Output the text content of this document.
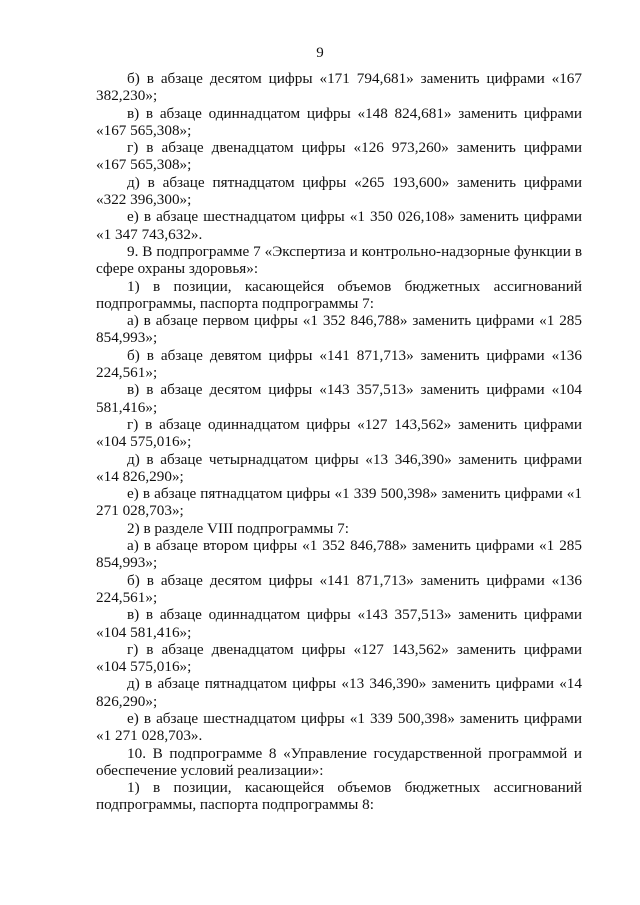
9

б) в абзаце десятом цифры «171 794,681» заменить цифрами «167 382,230»;

в) в абзаце одиннадцатом цифры «148 824,681» заменить цифрами «167 565,308»;

г) в абзаце двенадцатом цифры «126 973,260» заменить цифрами «167 565,308»;

д) в абзаце пятнадцатом цифры «265 193,600» заменить цифрами «322 396,300»;

е) в абзаце шестнадцатом цифры «1 350 026,108» заменить цифрами «1 347 743,632».

9. В подпрограмме 7 «Экспертиза и контрольно-надзорные функции в сфере охраны здоровья»:

1) в позиции, касающейся объемов бюджетных ассигнований подпрограммы, паспорта подпрограммы 7:

а) в абзаце первом цифры «1 352 846,788» заменить цифрами «1 285 854,993»;

б) в абзаце девятом цифры «141 871,713» заменить цифрами «136 224,561»;

в) в абзаце десятом цифры «143 357,513» заменить цифрами «104 581,416»;

г) в абзаце одиннадцатом цифры «127 143,562» заменить цифрами «104 575,016»;

д) в абзаце четырнадцатом цифры «13 346,390» заменить цифрами «14 826,290»;

е) в абзаце пятнадцатом цифры «1 339 500,398» заменить цифрами «1 271 028,703»;

2) в разделе VIII подпрограммы 7:

а) в абзаце втором цифры «1 352 846,788» заменить цифрами «1 285 854,993»;

б) в абзаце десятом цифры «141 871,713» заменить цифрами «136 224,561»;

в) в абзаце одиннадцатом цифры «143 357,513» заменить цифрами «104 581,416»;

г) в абзаце двенадцатом цифры «127 143,562» заменить цифрами «104 575,016»;

д) в абзаце пятнадцатом цифры «13 346,390» заменить цифрами «14 826,290»;

е) в абзаце шестнадцатом цифры «1 339 500,398» заменить цифрами «1 271 028,703».

10. В подпрограмме 8 «Управление государственной программой и обеспечение условий реализации»:

1) в позиции, касающейся объемов бюджетных ассигнований подпрограммы, паспорта подпрограммы 8:
